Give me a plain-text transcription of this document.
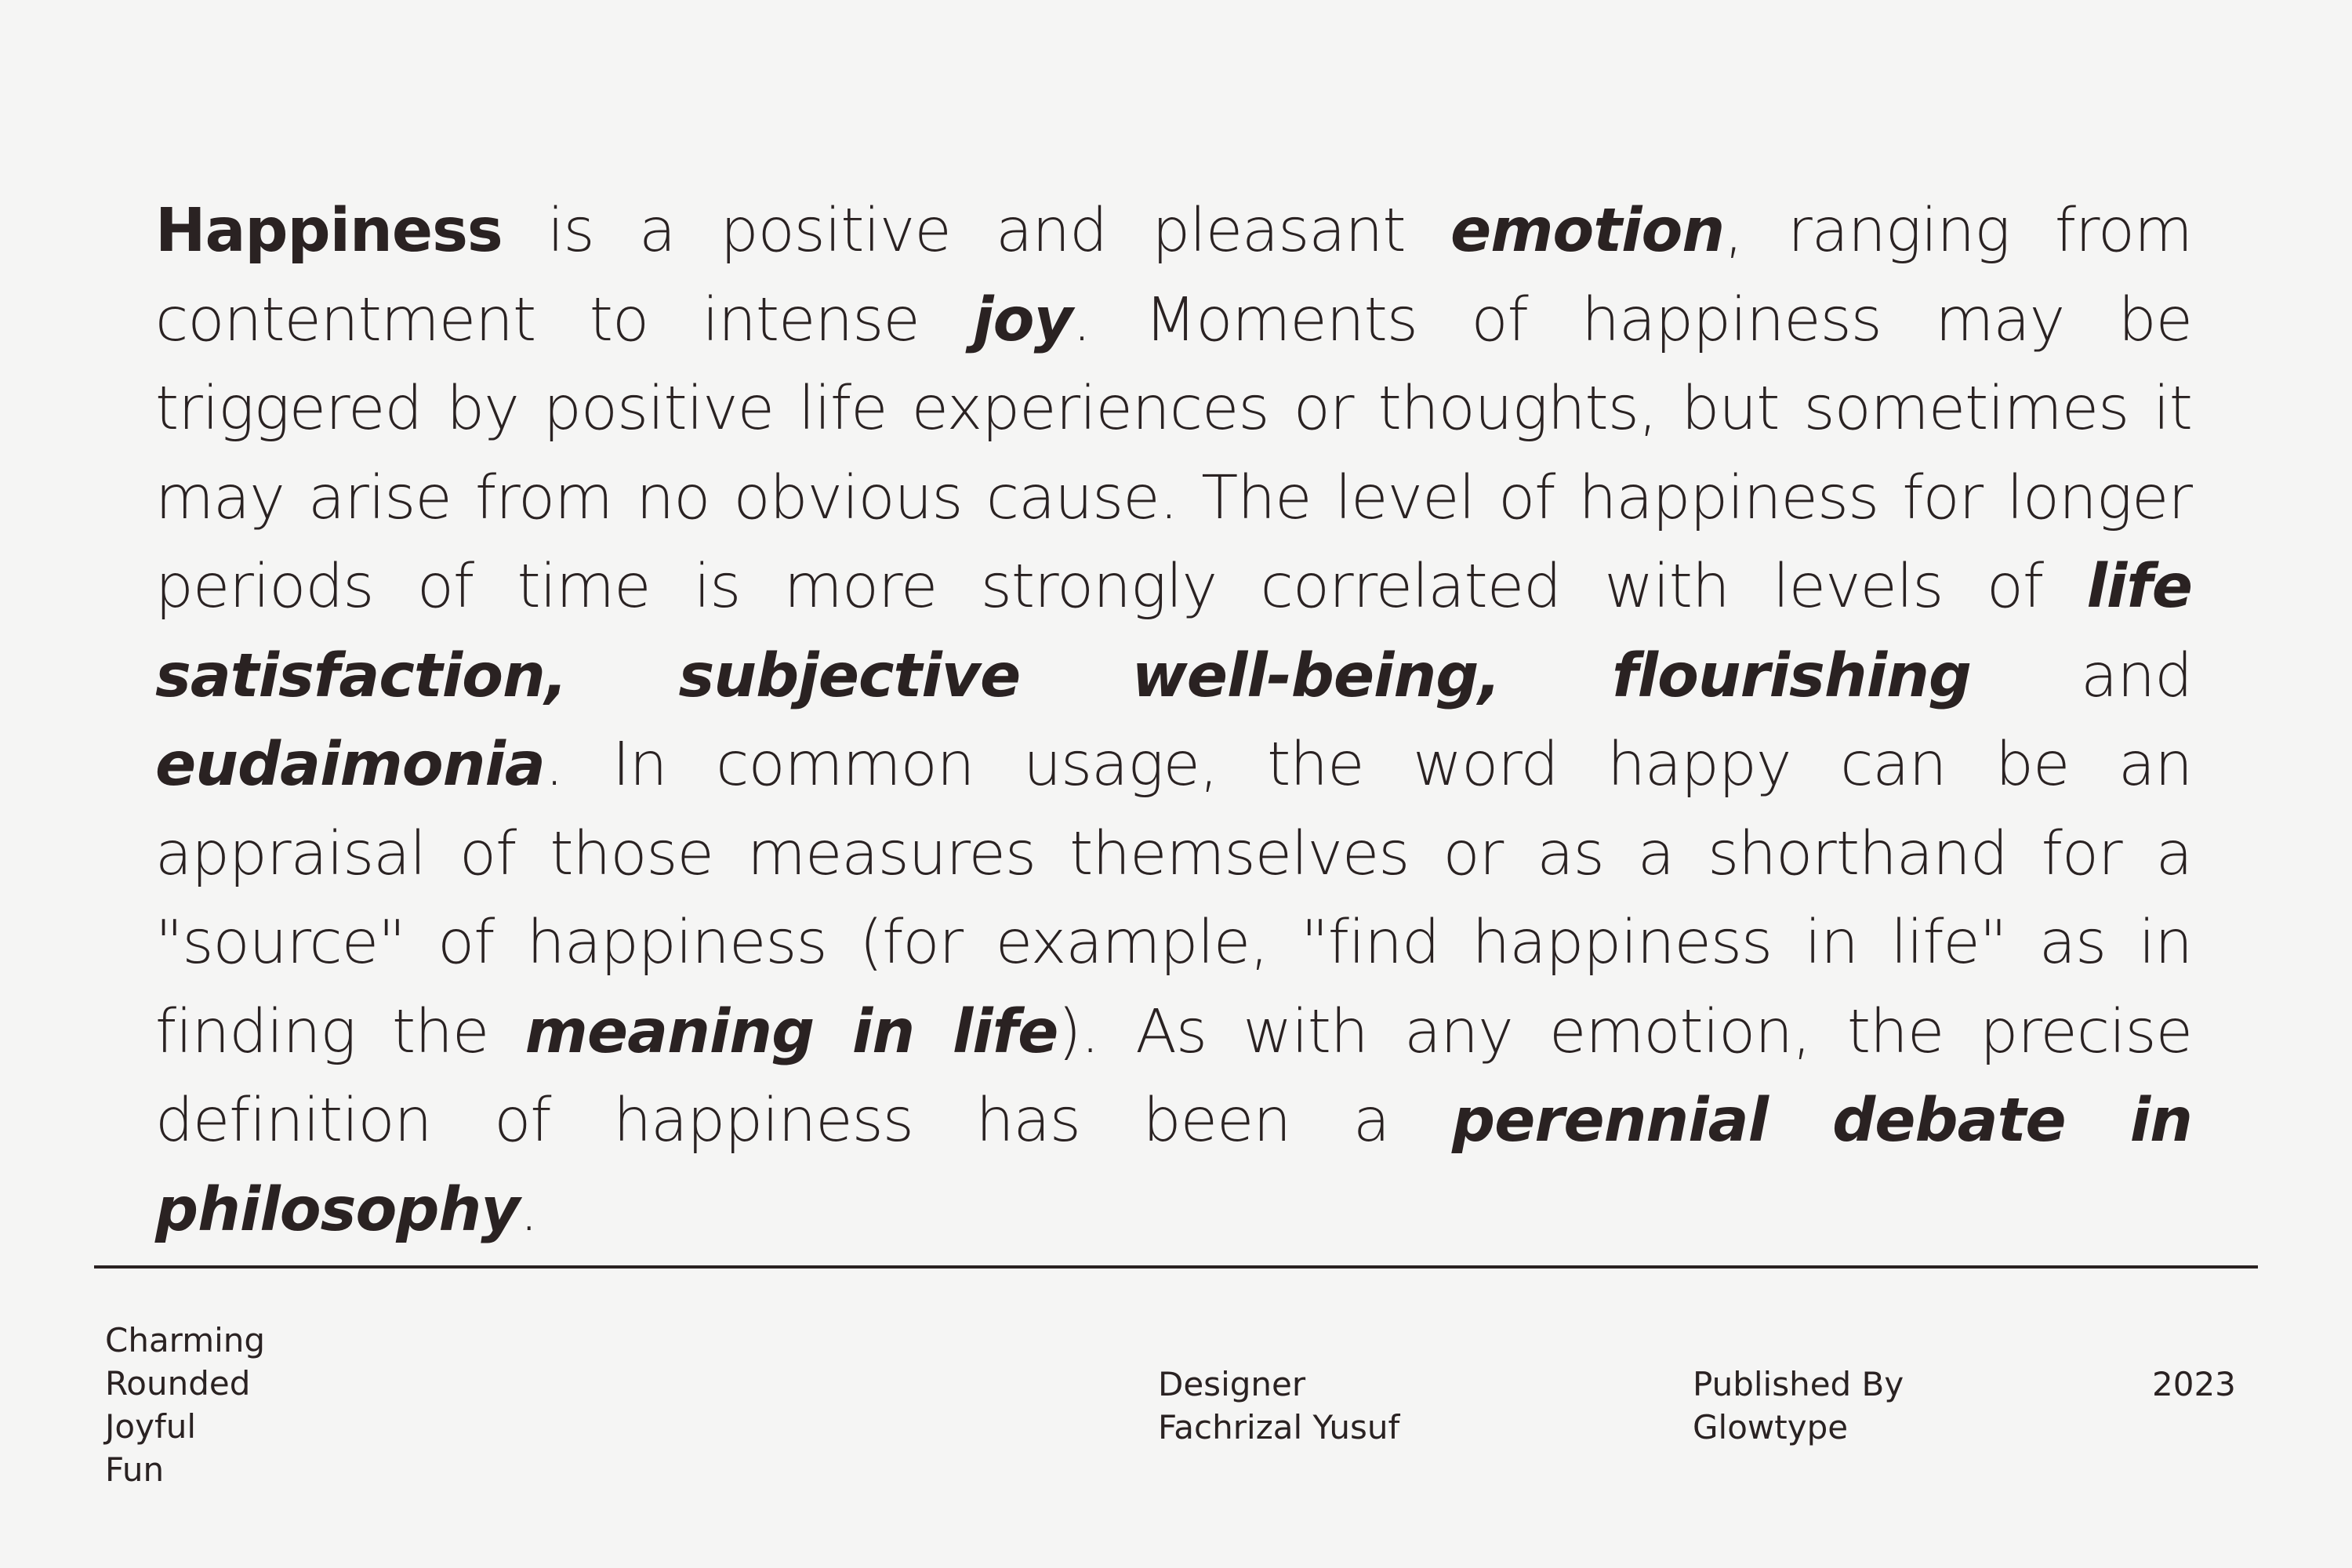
Happiness is a positive and pleasant emotion, ranging from contentment to intense joy. Moments of happiness may be triggered by positive life experiences or thoughts, but sometimes it may arise from no obvious cause. The level of happiness for longer periods of time is more strongly correlated with levels of life satisfaction, subjective well-being, flourishing and eudaimonia. In common usage, the word happy can be an appraisal of those measures themselves or as a shorthand for a "source" of happiness (for example, "find happiness in life" as in finding the meaning in life). As with any emotion, the precise definition of happiness has been a perennial debate in philosophy.

Charming
Rounded
Joyful
Fun
Designer
Fachrizal Yusuf
Published By
Glowtype
2023
